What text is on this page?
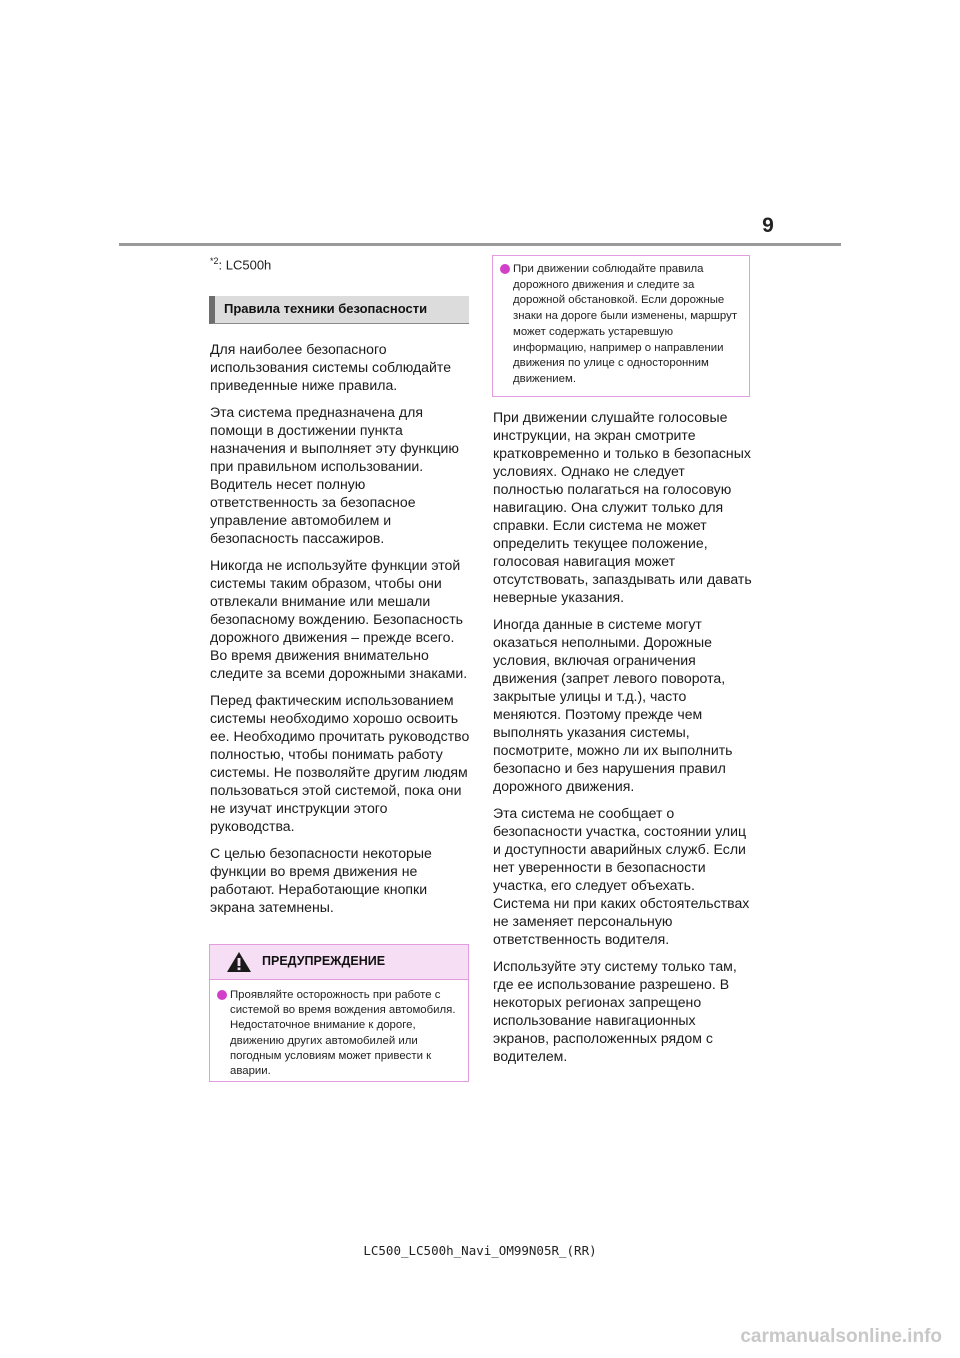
9
$^{*2}$: LC500h
Правила техники безопасности

Для наиболее безопасного использования системы соблюдайте приведенные ниже правила.

Эта система предназначена для помощи в достижении пункта назначения и выполняет эту функцию при правильном использовании. Водитель несет полную ответственность за безопасное управление автомобилем и безопасность пассажиров.

Никогда не используйте функции этой системы таким образом, чтобы они отвлекали внимание или мешали безопасному вождению. Безопасность дорожного движения – прежде всего. Во время движения внимательно следите за всеми дорожными знаками.

Перед фактическим использованием системы необходимо хорошо освоить ее. Необходимо прочитать руководство полностью, чтобы понимать работу системы. Не позволяйте другим людям пользоваться этой системой, пока они не изучат инструкции этого руководства.

С целью безопасности некоторые функции во время движения не работают. Неработающие кнопки экрана затемнены.

ПРЕДУПРЕЖДЕНИЕ
Проявляйте осторожность при работе с системой во время вождения автомобиля. Недостаточное внимание к дороге, движению других автомобилей или погодным условиям может привести к аварии.
При движении соблюдайте правила дорожного движения и следите за дорожной обстановкой. Если дорожные знаки на дороге были изменены, маршрут может содержать устаревшую информацию, например о направлении движения по улице с односторонним движением.

При движении слушайте голосовые инструкции, на экран смотрите кратковременно и только в безопасных условиях. Однако не следует полностью полагаться на голосовую навигацию. Она служит только для справки. Если система не может определить текущее положение, голосовая навигация может отсутствовать, запаздывать или давать неверные указания.

Иногда данные в системе могут оказаться неполными. Дорожные условия, включая ограничения движения (запрет левого поворота, закрытые улицы и т.д.), часто меняются. Поэтому прежде чем выполнять указания системы, посмотрите, можно ли их выполнить безопасно и без нарушения правил дорожного движения.

Эта система не сообщает о безопасности участка, состоянии улиц и доступности аварийных служб. Если нет уверенности в безопасности участка, его следует объехать. Система ни при каких обстоятельствах не заменяет персональную ответственность водителя.

Используйте эту систему только там, где ее использование разрешено. В некоторых регионах запрещено использование навигационных экранов, расположенных рядом с водителем.

LC500_LC500h_Navi_OM99N05R_(RR)
carmanualsonline.info
